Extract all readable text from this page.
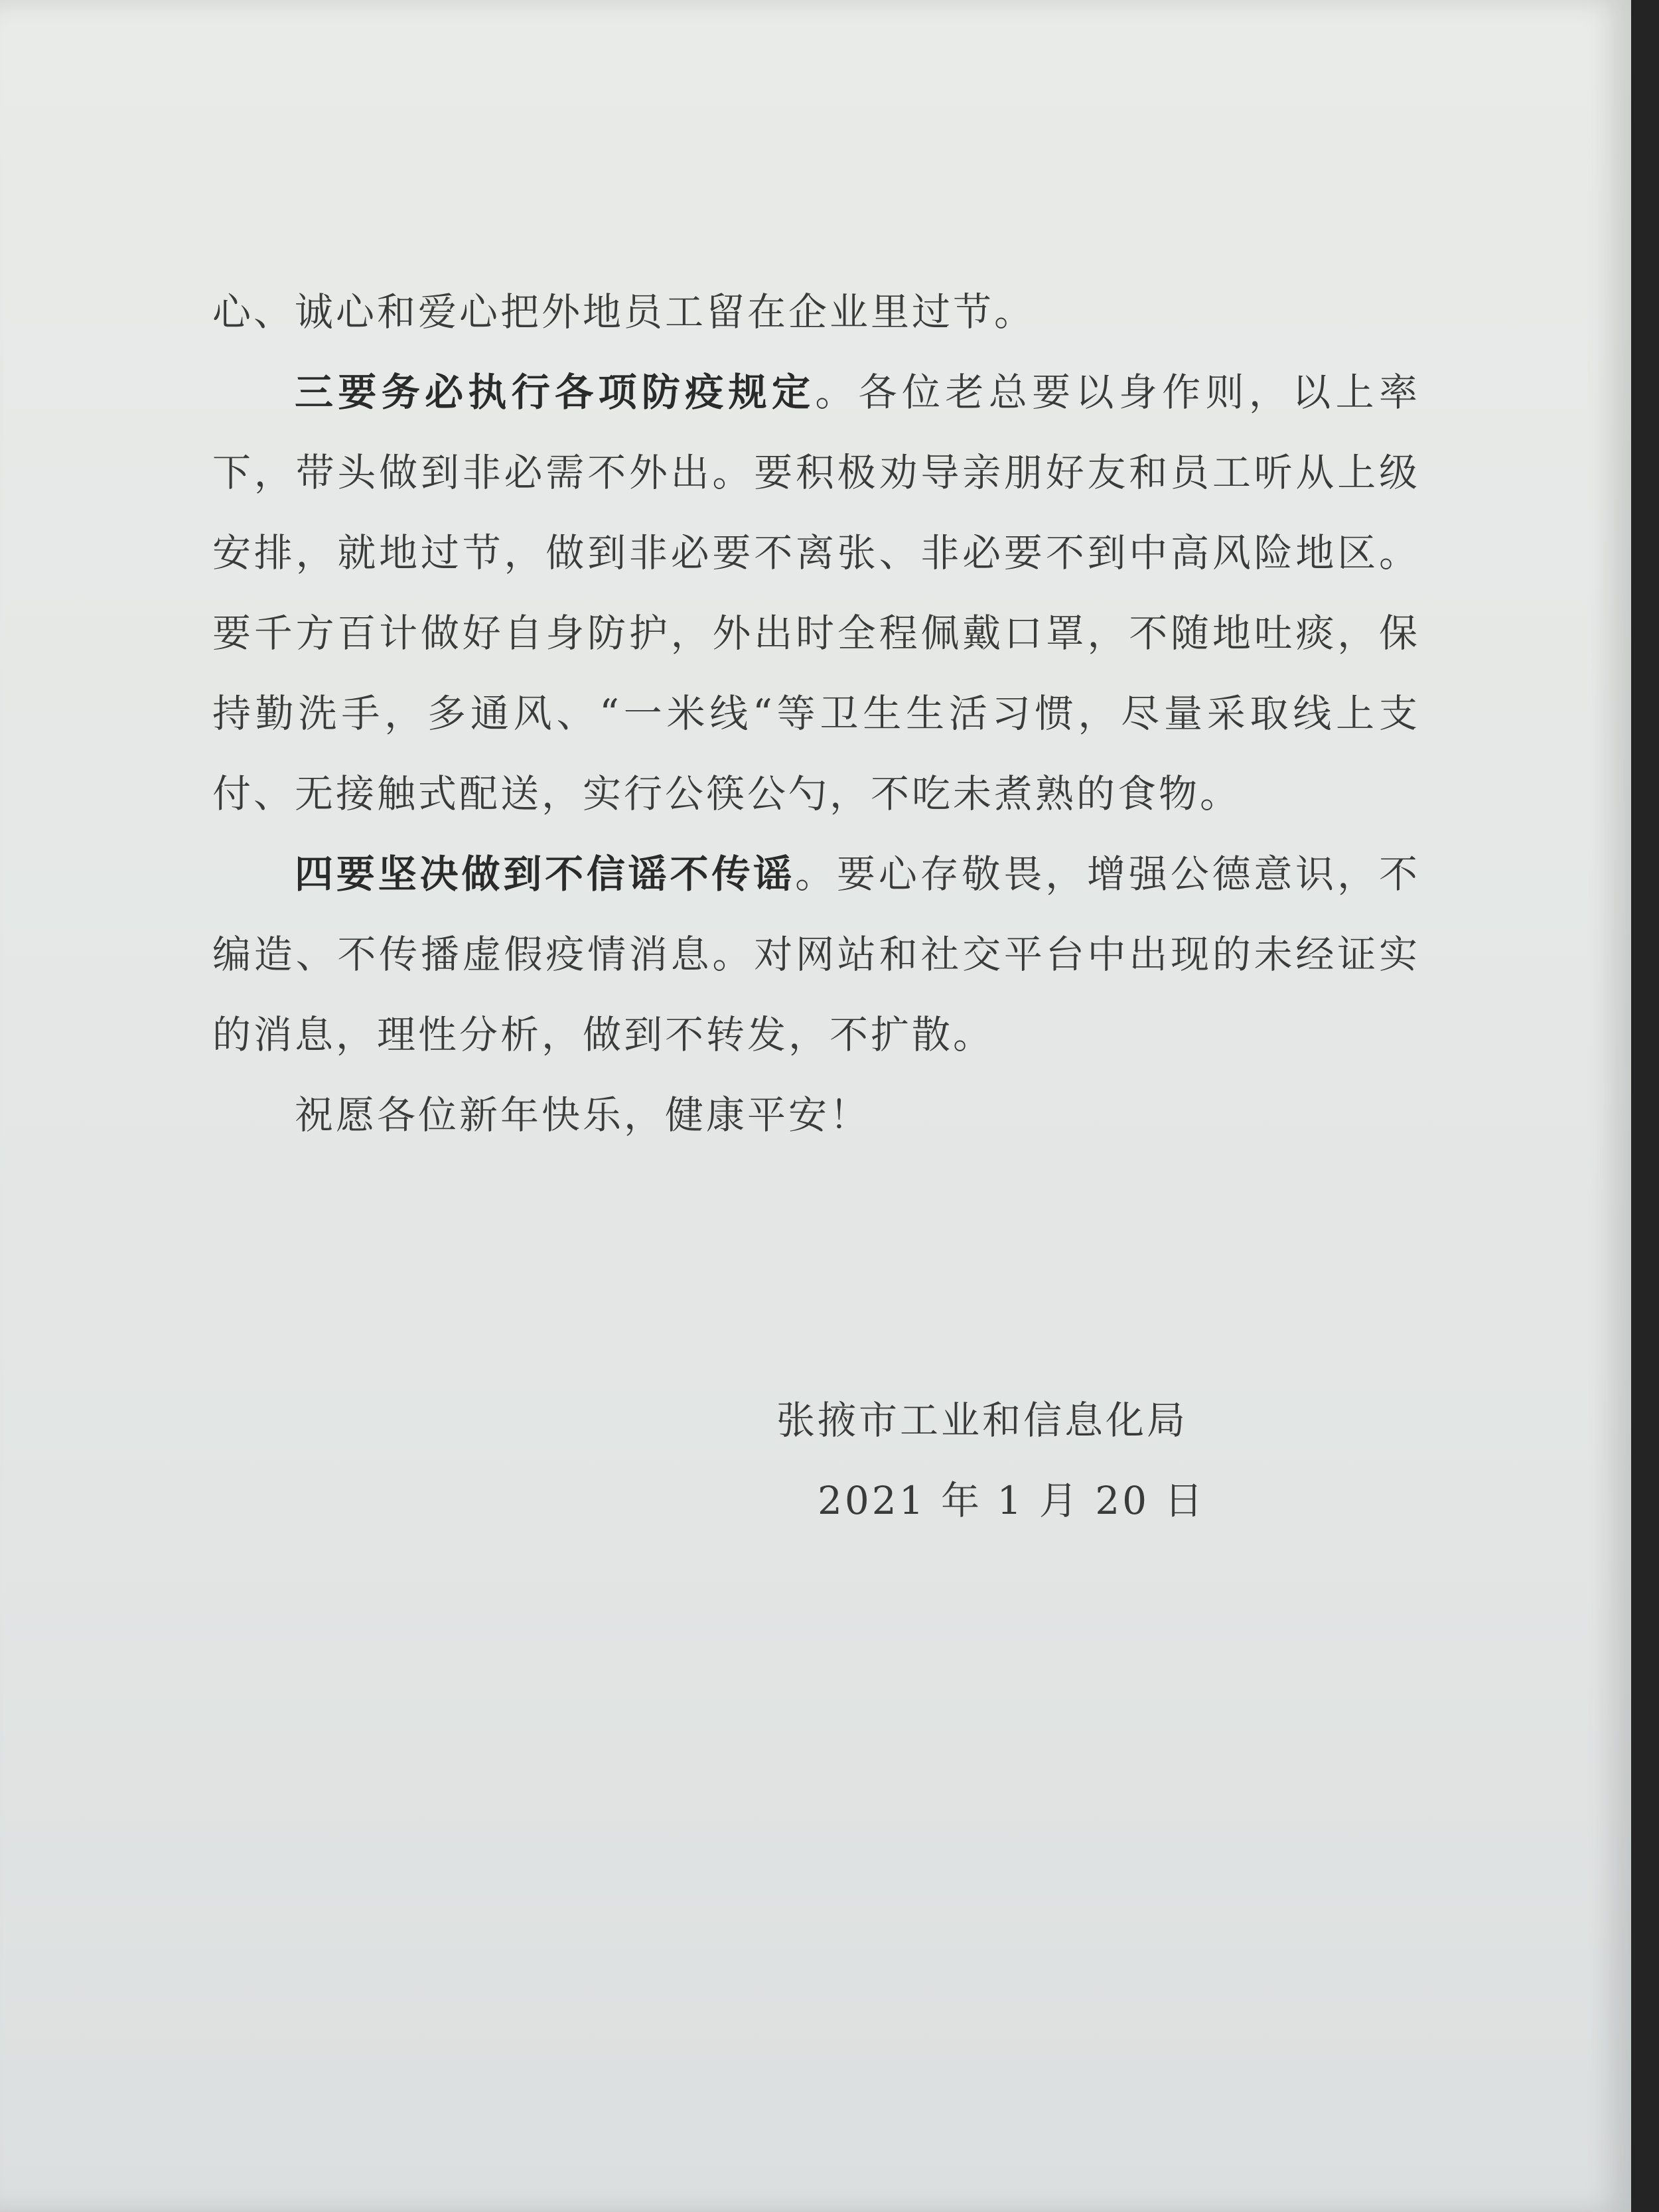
心、诚心和爱心把外地员工留在企业里过节。

三要务必执行各项防疫规定。各位老总要以身作则，以上率下，带头做到非必需不外出。要积极劝导亲朋好友和员工听从上级安排，就地过节，做到非必要不离张、非必要不到中高风险地区。要千方百计做好自身防护，外出时全程佩戴口罩，不随地吐痰，保持勤洗手，多通风、“一米线“等卫生生活习惯，尽量采取线上支付、无接触式配送，实行公筷公勺，不吃未煮熟的食物。

四要坚决做到不信谣不传谣。要心存敬畏，增强公德意识，不编造、不传播虚假疫情消息。对网站和社交平台中出现的未经证实的消息，理性分析，做到不转发，不扩散。

祝愿各位新年快乐，健康平安！

张掖市工业和信息化局
2021 年 1 月 20 日
